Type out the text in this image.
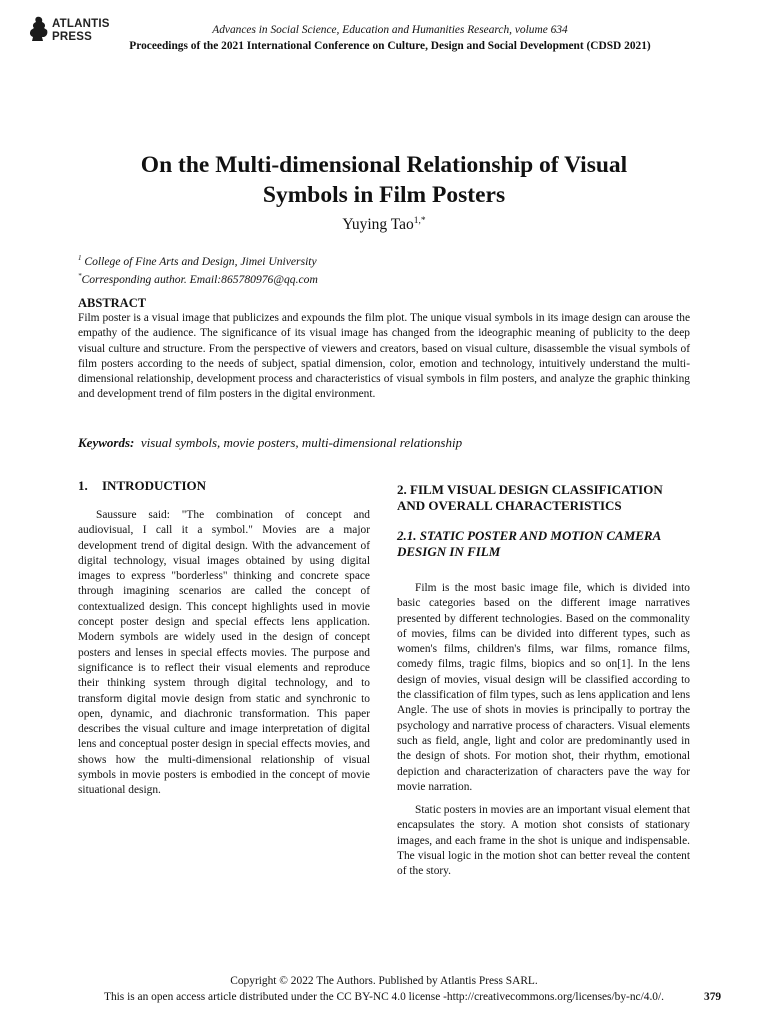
ATLANTIS
PRESS
Advances in Social Science, Education and Humanities Research, volume 634
Proceedings of the 2021 International Conference on Culture, Design and Social Development (CDSD 2021)
On the Multi-dimensional Relationship of Visual
Symbols in Film Posters
Yuying Tao$^{1,*}$
$^1$ College of Fine Arts and Design, Jimei University
*Corresponding author. Email:865780976@qq.com
ABSTRACT

Film poster is a visual image that publicizes and expounds the film plot. The unique visual symbols in its image design can arouse the empathy of the audience. The significance of its visual image has changed from the ideographic meaning of publicity to the deep visual culture and structure. From the perspective of viewers and creators, based on visual culture, disassemble the visual symbols of film posters according to the needs of subject, spatial dimension, color, emotion and technology, intuitively understand the multi-dimensional relationship, development process and characteristics of visual symbols in film posters, and analyze the graphic thinking and development trend of film posters in the digital environment.

Keywords: visual symbols, movie posters, multi-dimensional relationship
1. INTRODUCTION

Saussure said: "The combination of concept and audiovisual, I call it a symbol." Movies are a major development trend of digital design. With the advancement of digital technology, visual images obtained by using digital images to express "borderless" thinking and concrete space through imagining scenarios are called the concept of contextualized design. This concept highlights used in movie concept poster design and special effects lens application. Modern symbols are widely used in the design of concept posters and lenses in special effects movies. The purpose and significance is to reflect their visual elements and reproduce their thinking system through digital technology, and to transform digital movie design from static and synchronic to open, dynamic, and diachronic transformation. This paper describes the visual culture and image interpretation of digital lens and conceptual poster design in special effects movies, and shows how the multi-dimensional relationship of visual symbols in movie posters is embodied in the concept of movie situational design.

2. FILM VISUAL DESIGN CLASSIFICATION AND OVERALL CHARACTERISTICS
2.1. STATIC POSTER AND MOTION CAMERA DESIGN IN FILM

Film is the most basic image file, which is divided into basic categories based on the different image narratives presented by different technologies. Based on the commonality of movies, films can be divided into different types, such as women's films, children's films, war films, romance films, comedy films, tragic films, biopics and so on[1]. In the lens design of movies, visual design will be classified according to the classification of film types, such as lens application and lens Angle. The use of shots in movies is principally to portray the psychology and narrative process of characters. Visual elements such as field, angle, light and color are predominantly used in the design of shots. For motion shot, their rhythm, emotional depiction and characterization of characters pave the way for movie narration.

Static posters in movies are an important visual element that encapsulates the story. A motion shot consists of stationary images, and each frame in the shot is unique and indispensable. The visual logic in the motion shot can better reveal the content of the story.

Copyright © 2022 The Authors. Published by Atlantis Press SARL.
This is an open access article distributed under the CC BY-NC 4.0 license -http://creativecommons.org/licenses/by-nc/4.0/.	379
